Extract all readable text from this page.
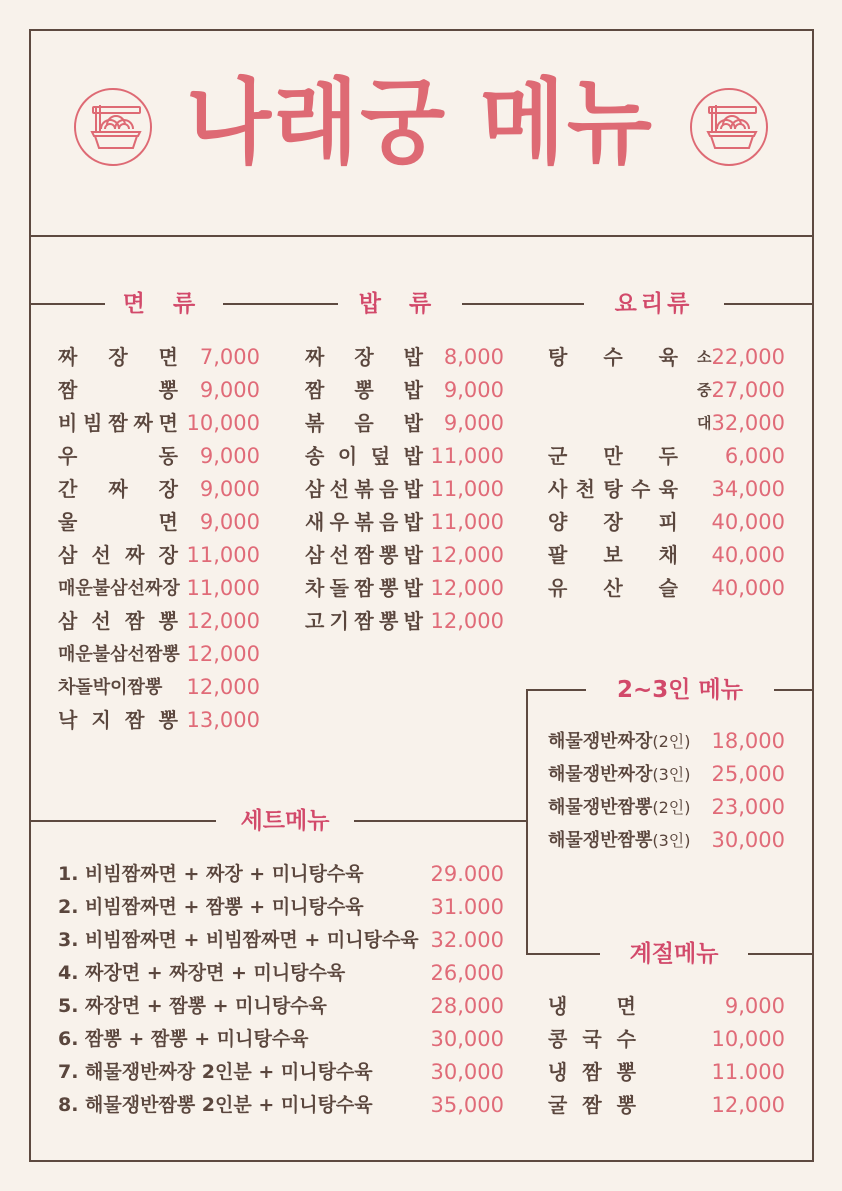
나래궁 메뉴
면 류	밥 류	요리류
짜 장 면 7,000
짬	뽕 9,000
비 빔 짬 짜 면 10,000
우	동 9,000
간 짜 장 9,000
울	면 9,000
삼 선 짜 장 11,000
매운불삼선짜장 11,000
삼 선 짬 뽕 12,000
매운불삼선짬뽕 12,000
차돌박이짬뽕	12,000
낙 지 짬 뽕 13,000
짜 장 밥 8,000
짬 뽕 밥 9,000
볶 음 밥 9,000
송 이 덮 밥 11,000
삼 선 볶 음 밥 11,000
새 우 볶 음 밥 11,000
삼 선 짬 뽕 밥 12,000
차 돌 짬 뽕 밥 12,000
고 기 짬 뽕 밥 12,000
탕 수 육 소 22,000
중 27,000
대 32,000
군 만 두 6,000
사 천 탕 수 육 34,000
양 장 피 40,000
팔 보 채 40,000
유 산 슬 40,000
2~3인 메뉴
해물쟁반짜장 (2인) 18,000
해물쟁반짜장 (3인) 25,000
해물쟁반짬뽕 (2인) 23,000
해물쟁반짬뽕 (3인) 30,000
세트메뉴
1. 비빔짬짜면 + 짜장 + 미니탕수육	29.000
2. 비빔짬짜면 + 짬뽕 + 미니탕수육	31.000
3. 비빔짬짜면 + 비빔짬짜면 + 미니탕수육 32.000
4. 짜장면 + 짜장면 + 미니탕수육	26,000
5. 짜장면 + 짬뽕 + 미니탕수육	28,000
6. 짬뽕 + 짬뽕 + 미니탕수육	30,000
7. 해물쟁반짜장 2인분 + 미니탕수육	30,000
8. 해물쟁반짬뽕 2인분 + 미니탕수육	35,000
계절메뉴
냉 면	9,000
콩 국 수	10,000
냉 짬 뽕	11.000
굴 짬 뽕	12,000
